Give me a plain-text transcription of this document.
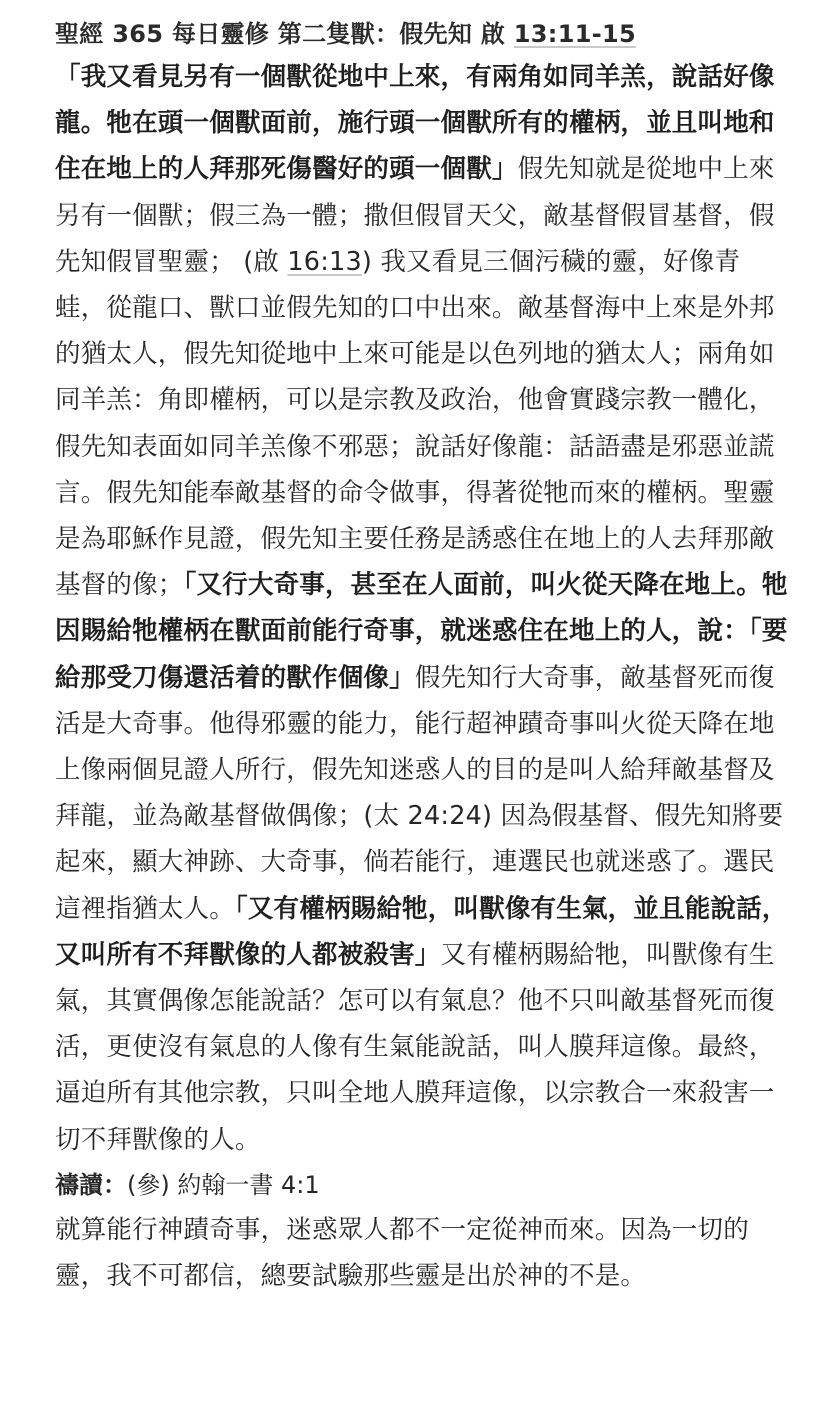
聖經 365 每日靈修 第二隻獸：假先知 啟 13:11-15

「我又看見另有一個獸從地中上來，有兩角如同羊羔，說話好像龍。牠在頭一個獸面前，施行頭一個獸所有的權柄，並且叫地和住在地上的人拜那死傷醫好的頭一個獸」假先知就是從地中上來另有一個獸；假三為一體；撒但假冒天父，敵基督假冒基督，假先知假冒聖靈； (啟 16:13) 我又看見三個污穢的靈，好像青蛙，從龍口、獸口並假先知的口中出來。敵基督海中上來是外邦的猶太人，假先知從地中上來可能是以色列地的猶太人；兩角如同羊羔：角即權柄，可以是宗教及政治，他會實踐宗教一體化，假先知表面如同羊羔像不邪惡；說話好像龍：話語盡是邪惡並謊言。假先知能奉敵基督的命令做事，得著從牠而來的權柄。聖靈是為耶穌作見證，假先知主要任務是誘惑住在地上的人去拜那敵基督的像；「又行大奇事，甚至在人面前，叫火從天降在地上。牠因賜給牠權柄在獸面前能行奇事，就迷惑住在地上的人，說：「要給那受刀傷還活着的獸作個像」假先知行大奇事，敵基督死而復活是大奇事。他得邪靈的能力，能行超神蹟奇事叫火從天降在地上像兩個見證人所行，假先知迷惑人的目的是叫人給拜敵基督及拜龍，並為敵基督做偶像；(太 24:24) 因為假基督、假先知將要起來，顯大神跡、大奇事，倘若能行，連選民也就迷惑了。選民這裡指猶太人。「又有權柄賜給牠，叫獸像有生氣，並且能說話，又叫所有不拜獸像的人都被殺害」又有權柄賜給牠，叫獸像有生氣，其實偶像怎能說話？怎可以有氣息？他不只叫敵基督死而復活，更使沒有氣息的人像有生氣能說話，叫人膜拜這像。最終，逼迫所有其他宗教，只叫全地人膜拜這像，以宗教合一來殺害一切不拜獸像的人。

禱讀：(參) 約翰一書 4:1

就算能行神蹟奇事，迷惑眾人都不一定從神而來。因為一切的靈，我不可都信，總要試驗那些靈是出於神的不是。
